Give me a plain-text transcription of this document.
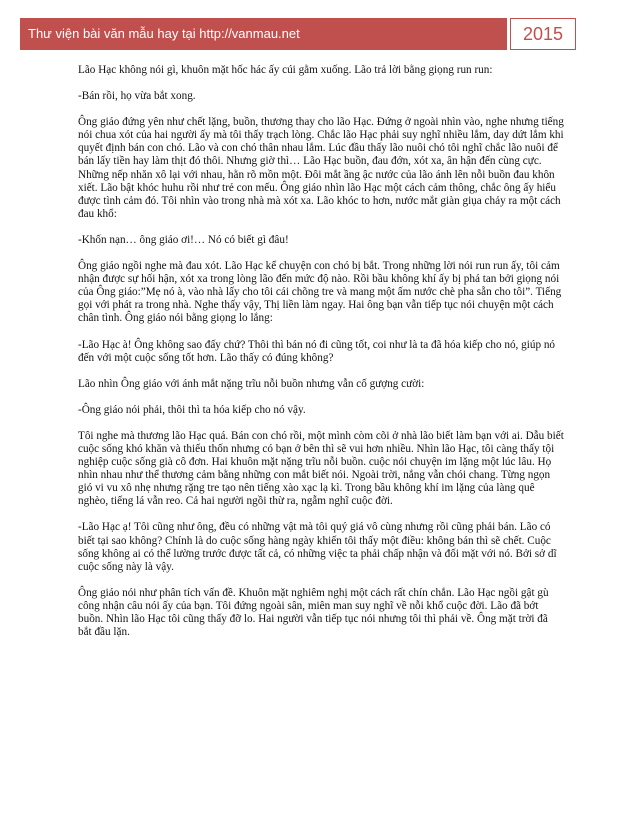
Thư viện bài văn mẫu hay tại http://vanmau.net	2015

Lão Hạc không nói gì, khuôn mặt hốc hác ấy cúi gằm xuống. Lão trả lời bằng giọng run run:

-Bán rồi, họ vừa bắt xong.

Ông giáo đứng yên như chết lặng, buồn, thương thay cho lão Hạc. Đứng ở ngoài nhìn vào, nghe nhưng tiếng nói chua xót của hai người ấy mà tôi thấy trạch lòng. Chắc lão Hạc phải suy nghĩ nhiều lắm, day dứt lắm khi quyết định bán con chó. Lão và con chó thân nhau lắm. Lúc đầu thấy lão nuôi chó tôi nghĩ chắc lão nuôi để bán lấy tiền hay làm thịt đó thôi. Nhưng giờ thì… Lão Hạc buồn, đau đớn, xót xa, ân hận đến cùng cực. Những nếp nhăn xô lại với nhau, hằn rõ mồn một. Đôi mắt ầng ậc nước của lão ánh lên nỗi buồn đau khôn xiết. Lão bật khóc huhu rồi như trẻ con mếu. Ông giáo nhìn lão Hạc một cách cảm thông, chắc ông ấy hiểu được tình cảm đó. Tôi nhìn vào trong nhà mà xót xa. Lão khóc to hơn, nước mắt giàn giụa chảy ra một cách đau khổ:

-Khốn nạn… ông giáo ơi!… Nó có biết gì đâu!

Ông giáo ngồi nghe mà đau xót. Lão Hạc kể chuyện con chó bị bắt. Trong những lời nói run run ấy, tôi cảm nhận được sự hối hận, xót xa trong lòng lão đến mức độ nào. Rồi bầu không khí ấy bị phá tan bởi giọng nói của Ông giáo:”Mẹ nó à, vào nhà lấy cho tôi cái chõng tre và mang một ấm nước chè pha sẵn cho tôi”. Tiếng gọi với phát ra trong nhà. Nghe thấy vậy, Thị liền làm ngay. Hai ông bạn vẫn tiếp tục nói chuyện một cách chân tình. Ông giáo nói bằng giọng lo lắng:

-Lão Hạc à! Ông không sao đấy chứ? Thôi thì bán nó đi cũng tốt, coi như là ta đã hóa kiếp cho nó, giúp nó đến với một cuộc sống tốt hơn. Lão thấy có đúng không?

Lão nhìn Ông giáo với ánh mắt nặng trĩu nỗi buồn nhưng vẫn cố gượng cười:

-Ông giáo nói phải, thôi thì ta hóa kiếp cho nó vậy.

Tôi nghe mà thương lão Hạc quá. Bán con chó rồi, một mình còm cõi ở nhà lão biết làm bạn với ai. Dẫu biết cuộc sống khó khăn và thiếu thốn nhưng có bạn ở bên thì sẽ vui hơn nhiều. Nhìn lão Hạc, tôi càng thấy tội nghiệp cuộc sống già cô đơn. Hai khuôn mặt nặng trĩu nỗi buồn. cuộc nói chuyện im lặng một lúc lâu. Họ nhìn nhau như thể thương cảm bằng những con mắt biết nói. Ngoài trời, nắng vẫn chói chang. Từng ngọn gió vi vu xô nhẹ nhưng rặng tre tạo nên tiếng xào xạc lạ kì. Trong bầu không khí im lặng của làng quê nghèo, tiếng lá vẫn reo. Cả hai người ngồi thừ ra, ngẫm nghĩ cuộc đời.

-Lão Hạc ạ! Tôi cũng như ông, đều có những vật mà tôi quý giá vô cùng nhưng rồi cũng phải bán. Lão có biết tại sao không? Chính là do cuộc sống hàng ngày khiến tôi thấy một điều: không bán thì sẽ chết. Cuộc sống không ai có thể lường trước được tất cả, có những việc ta phải chấp nhận và đối mặt với nó. Bởi sở dĩ cuộc sống này là vậy.

Ông giáo nói như phân tích vấn đề. Khuôn mặt nghiêm nghị một cách rất chín chắn. Lão Hạc ngồi gật gù công nhận câu nói ấy của bạn. Tôi đứng ngoài sân, miên man suy nghĩ về nỗi khổ cuộc đời. Lão đã bớt buồn. Nhìn lão Hạc tôi cũng thấy đỡ lo. Hai người vẫn tiếp tục nói nhưng tôi thì phải về. Ông mặt trời đã bắt đầu lặn.
